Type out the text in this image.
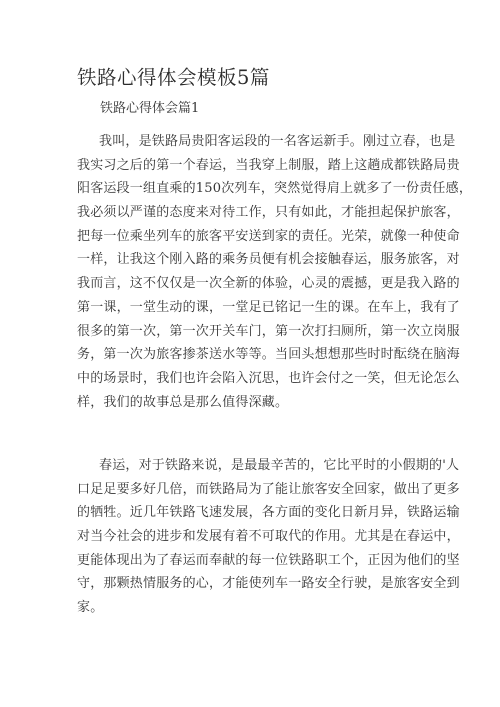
铁路心得体会模板5篇
铁路心得体会篇1
我叫，是铁路局贵阳客运段的一名客运新手。刚过立春，也是
我实习之后的第一个春运，当我穿上制服，踏上这趟成都铁路局贵
阳客运段一组直乘的150次列车，突然觉得肩上就多了一份责任感，
我必须以严谨的态度来对待工作，只有如此，才能担起保护旅客，
把每一位乘坐列车的旅客平安送到家的责任。光荣，就像一种使命
一样，让我这个刚入路的乘务员便有机会接触春运，服务旅客，对
我而言，这不仅仅是一次全新的体验，心灵的震撼，更是我入路的
第一课，一堂生动的课，一堂足已铭记一生的课。在车上，我有了
很多的第一次，第一次开关车门，第一次打扫厕所，第一次立岗服
务，第一次为旅客掺茶送水等等。当回头想想那些时时酝绕在脑海
中的场景时，我们也许会陷入沉思，也许会付之一笑，但无论怎么
样，我们的故事总是那么值得深藏。
春运，对于铁路来说，是最最辛苦的，它比平时的小假期的'人
口足足要多好几倍，而铁路局为了能让旅客安全回家，做出了更多
的牺牲。近几年铁路飞速发展，各方面的变化日新月异，铁路运输
对当今社会的进步和发展有着不可取代的作用。尤其是在春运中，
更能体现出为了春运而奉献的每一位铁路职工个，正因为他们的坚
守，那颗热情服务的心，才能使列车一路安全行驶，是旅客安全到
家。
